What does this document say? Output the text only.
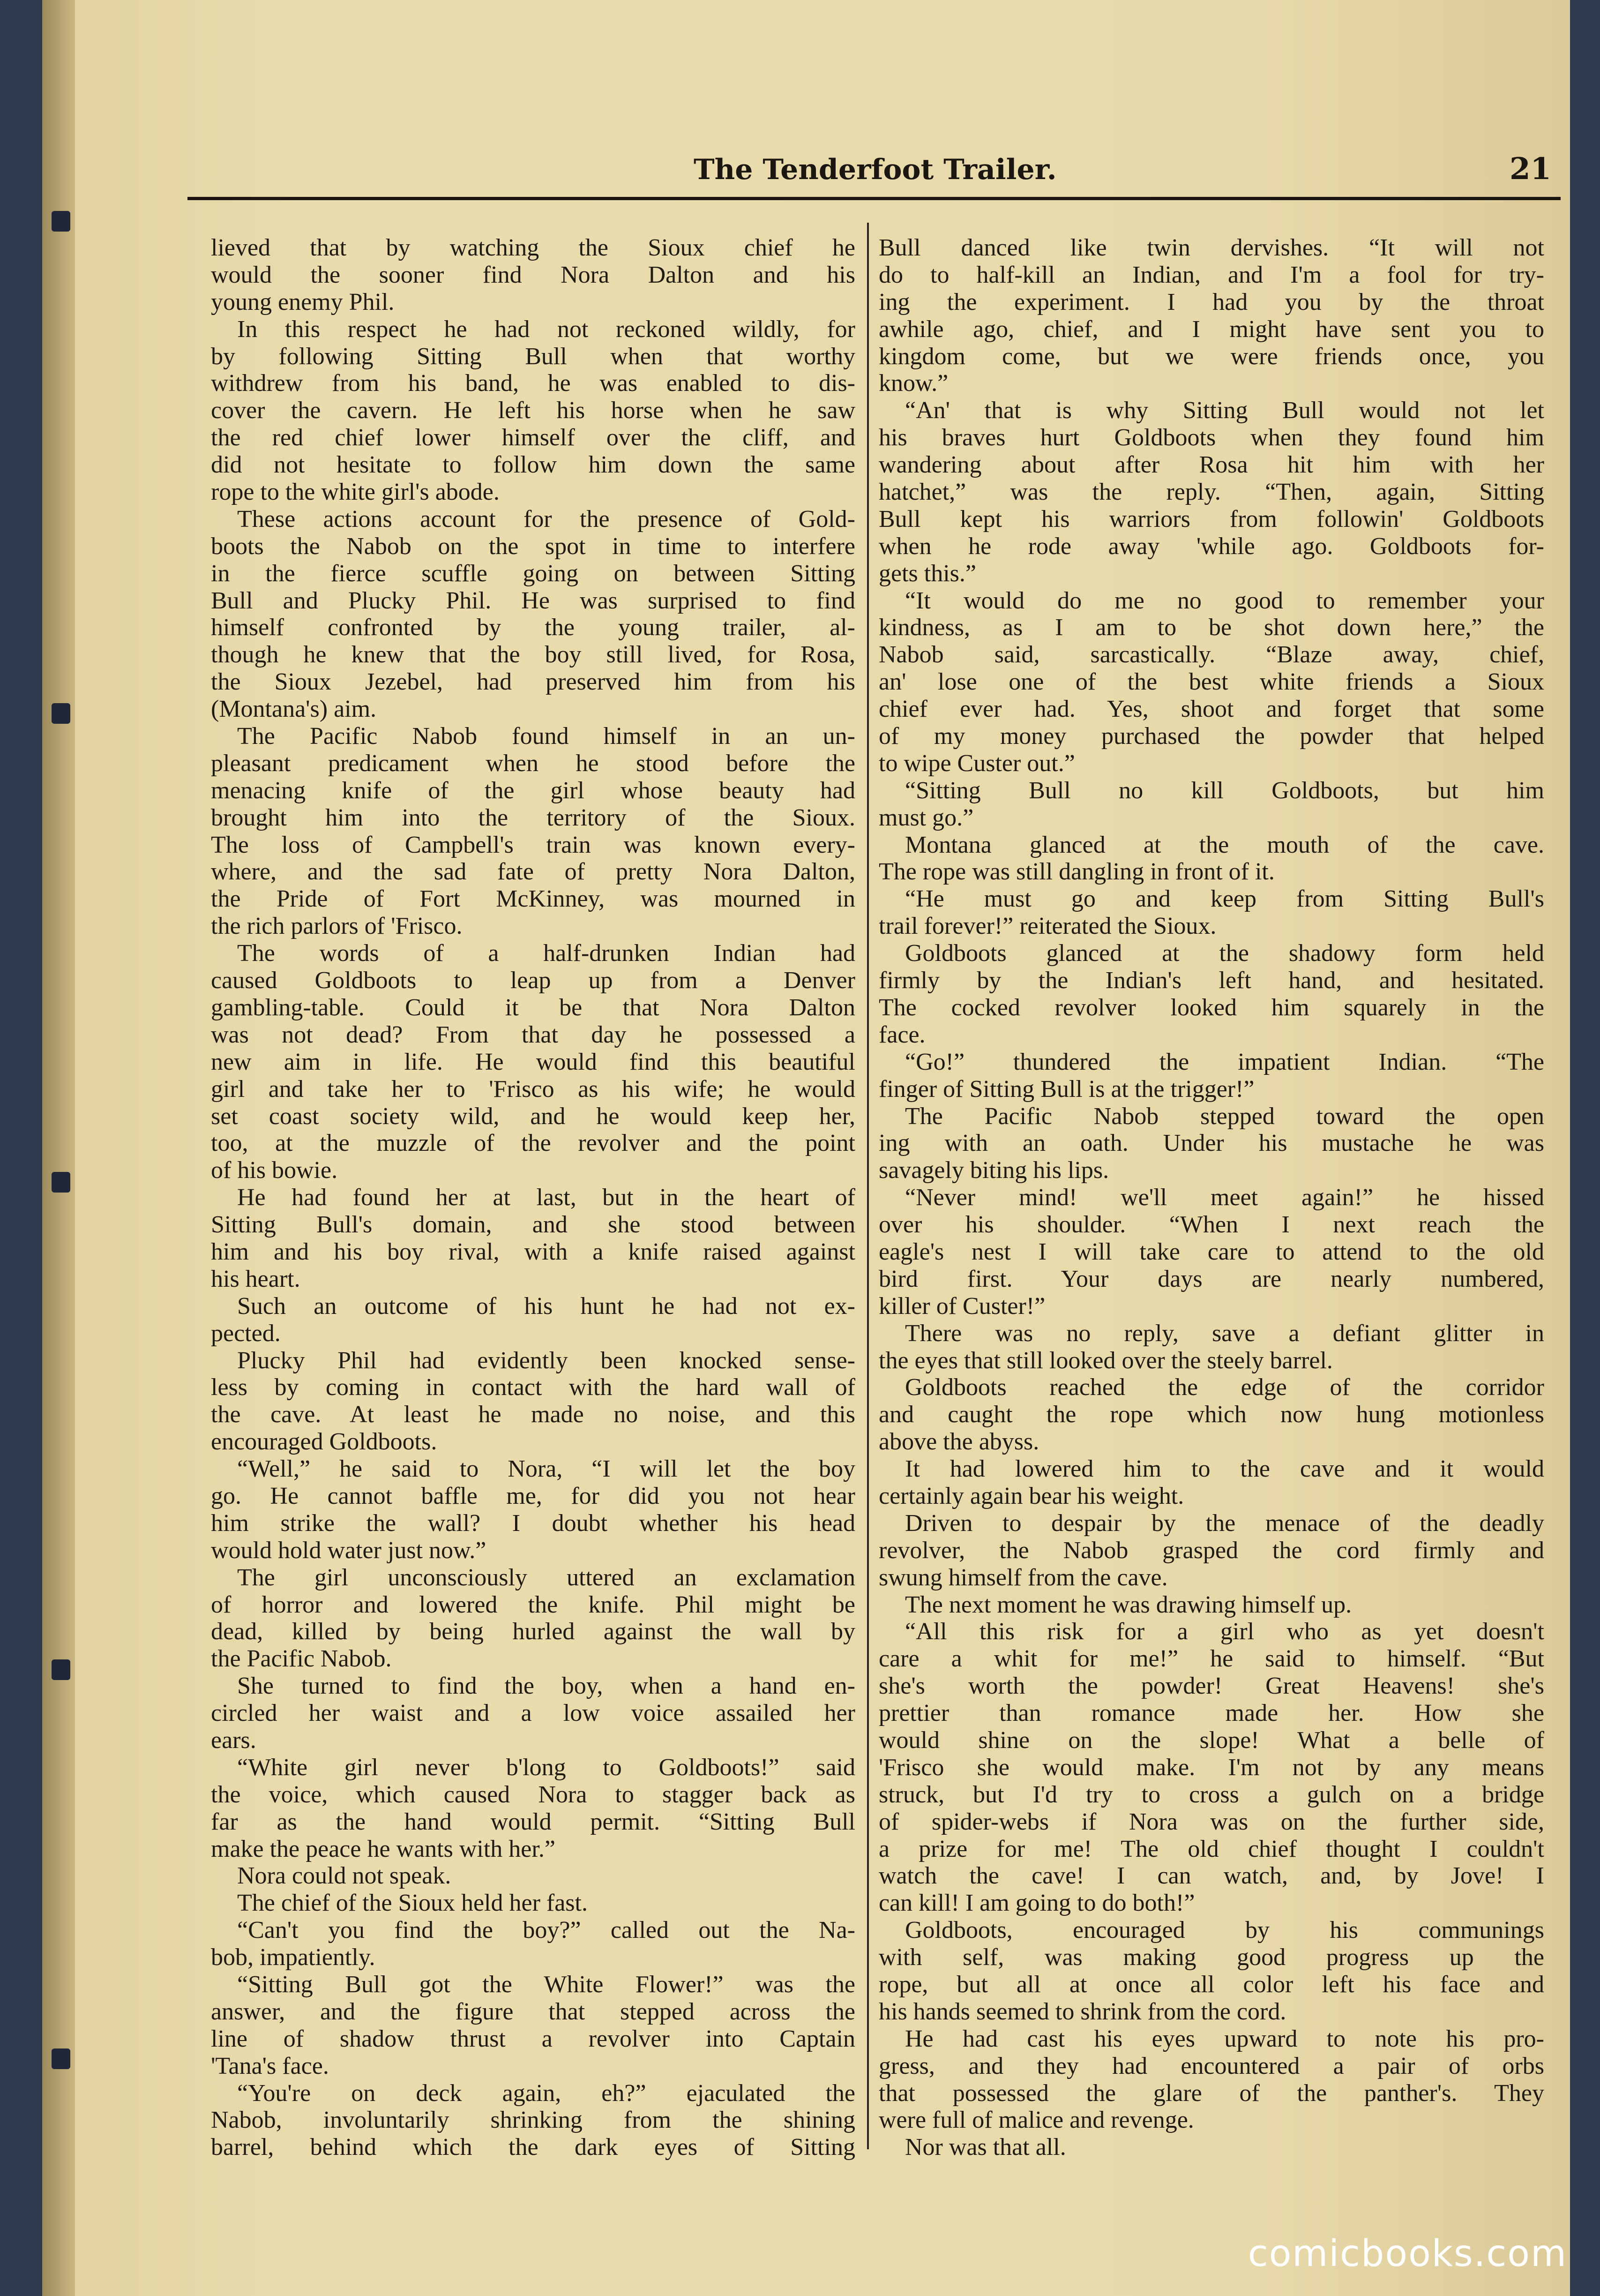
The Tenderfoot Trailer.	21
lieved that by watching the Sioux chief he
would the sooner find Nora Dalton and his
young enemy Phil.
In this respect he had not reckoned wildly, for
by following Sitting Bull when that worthy
withdrew from his band, he was enabled to dis-
cover the cavern. He left his horse when he saw
the red chief lower himself over the cliff, and
did not hesitate to follow him down the same
rope to the white girl's abode.
These actions account for the presence of Gold-
boots the Nabob on the spot in time to interfere
in the fierce scuffle going on between Sitting
Bull and Plucky Phil. He was surprised to find
himself confronted by the young trailer, al-
though he knew that the boy still lived, for Rosa,
the Sioux Jezebel, had preserved him from his
(Montana's) aim.
The Pacific Nabob found himself in an un-
pleasant predicament when he stood before the
menacing knife of the girl whose beauty had
brought him into the territory of the Sioux.
The loss of Campbell's train was known every-
where, and the sad fate of pretty Nora Dalton,
the Pride of Fort McKinney, was mourned in
the rich parlors of 'Frisco.
The words of a half-drunken Indian had
caused Goldboots to leap up from a Denver
gambling-table. Could it be that Nora Dalton
was not dead? From that day he possessed a
new aim in life. He would find this beautiful
girl and take her to 'Frisco as his wife; he would
set coast society wild, and he would keep her,
too, at the muzzle of the revolver and the point
of his bowie.
He had found her at last, but in the heart of
Sitting Bull's domain, and she stood between
him and his boy rival, with a knife raised against
his heart.
Such an outcome of his hunt he had not ex-
pected.
Plucky Phil had evidently been knocked sense-
less by coming in contact with the hard wall of
the cave. At least he made no noise, and this
encouraged Goldboots.
“Well,” he said to Nora, “I will let the boy
go. He cannot baffle me, for did you not hear
him strike the wall? I doubt whether his head
would hold water just now.”
The girl unconsciously uttered an exclamation
of horror and lowered the knife. Phil might be
dead, killed by being hurled against the wall by
the Pacific Nabob.
She turned to find the boy, when a hand en-
circled her waist and a low voice assailed her
ears.
“White girl never b'long to Goldboots!” said
the voice, which caused Nora to stagger back as
far as the hand would permit. “Sitting Bull
make the peace he wants with her.”
Nora could not speak.
The chief of the Sioux held her fast.
“Can't you find the boy?” called out the Na-
bob, impatiently.
“Sitting Bull got the White Flower!” was the
answer, and the figure that stepped across the
line of shadow thrust a revolver into Captain
'Tana's face.
“You're on deck again, eh?” ejaculated the
Nabob, involuntarily shrinking from the shining
barrel, behind which the dark eyes of Sitting
Bull danced like twin dervishes. “It will not
do to half-kill an Indian, and I'm a fool for try-
ing the experiment. I had you by the throat
awhile ago, chief, and I might have sent you to
kingdom come, but we were friends once, you
know.”
“An' that is why Sitting Bull would not let
his braves hurt Goldboots when they found him
wandering about after Rosa hit him with her
hatchet,” was the reply. “Then, again, Sitting
Bull kept his warriors from followin' Goldboots
when he rode away 'while ago. Goldboots for-
gets this.”
“It would do me no good to remember your
kindness, as I am to be shot down here,” the
Nabob said, sarcastically. “Blaze away, chief,
an' lose one of the best white friends a Sioux
chief ever had. Yes, shoot and forget that some
of my money purchased the powder that helped
to wipe Custer out.”
“Sitting Bull no kill Goldboots, but him
must go.”
Montana glanced at the mouth of the cave.
The rope was still dangling in front of it.
“He must go and keep from Sitting Bull's
trail forever!” reiterated the Sioux.
Goldboots glanced at the shadowy form held
firmly by the Indian's left hand, and hesitated.
The cocked revolver looked him squarely in the
face.
“Go!” thundered the impatient Indian. “The
finger of Sitting Bull is at the trigger!”
The Pacific Nabob stepped toward the open
ing with an oath. Under his mustache he was
savagely biting his lips.
“Never mind! we'll meet again!” he hissed
over his shoulder. “When I next reach the
eagle's nest I will take care to attend to the old
bird first. Your days are nearly numbered,
killer of Custer!”
There was no reply, save a defiant glitter in
the eyes that still looked over the steely barrel.
Goldboots reached the edge of the corridor
and caught the rope which now hung motionless
above the abyss.
It had lowered him to the cave and it would
certainly again bear his weight.
Driven to despair by the menace of the deadly
revolver, the Nabob grasped the cord firmly and
swung himself from the cave.
The next moment he was drawing himself up.
“All this risk for a girl who as yet doesn't
care a whit for me!” he said to himself. “But
she's worth the powder! Great Heavens! she's
prettier than romance made her. How she
would shine on the slope! What a belle of
'Frisco she would make. I'm not by any means
struck, but I'd try to cross a gulch on a bridge
of spider-webs if Nora was on the further side,
a prize for me! The old chief thought I couldn't
watch the cave! I can watch, and, by Jove! I
can kill! I am going to do both!”
Goldboots, encouraged by his communings
with self, was making good progress up the
rope, but all at once all color left his face and
his hands seemed to shrink from the cord.
He had cast his eyes upward to note his pro-
gress, and they had encountered a pair of orbs
that possessed the glare of the panther's. They
were full of malice and revenge.
Nor was that all.
comicbooks.com
